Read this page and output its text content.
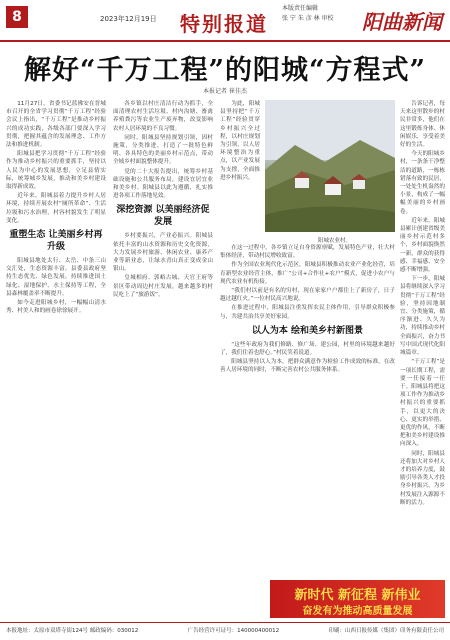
8	2023年12月19日 特别报道
本版责任编辑
张 宁 朱 彦 林 审校 阳曲新闻
解好“千万工程”的阳城“方程式”
本报记者 崔佳杰

11月27日，省委书记蓝佛安在晋城市召开的全省学习贯彻“千万工程”经验会议上指出，“千万工程”是推动乡村振兴的成功实践，各级各部门要深入学习贯彻，把握其蕴含的发展理念、工作方法和推进机制。

阳城县把学习贯彻“千万工程”经验作为推动乡村振兴的重要抓手，坚持以人民为中心的发展思想，立足县情实际，统筹城乡发展，推动和美乡村建设取得新成效。

近年来，阳城县着力提升乡村人居环境，持续开展农村“厕所革命”、生活垃圾和污水治理，村容村貌发生了明显变化。

重塑生态 让美丽乡村再升级

阳城县地处太行、太岳、中条三山交汇处，生态资源丰富。县委县政府坚持生态优先、绿色发展，持续推进国土绿化、湿地保护、水土保持等工程，全县森林覆盖率不断提升。

如今走进阳城乡村，一幅幅山清水秀、村美人和的画卷徐徐展开。

各乡镇以村庄清洁行动为抓手，全面清理农村生活垃圾、村内沟塘、畜禽养殖粪污等农业生产废弃物，改变影响农村人居环境的不良习惯。

同时，阳城县坚持规划引领，因村施策，分类推进，打造了一批特色鲜明、各具特色的美丽乡村示范点，带动全域乡村面貌整体提升。

党的二十大报告提出，统筹乡村基础设施和公共服务布局，建设宜居宜业和美乡村。阳城县以此为遵循，扎实推进各项工作落地见效。

深挖资源 以美丽经济促发展

乡村要振兴，产业必振兴。阳城县依托丰富的山水资源和历史文化资源，大力发展乡村旅游、休闲农业、康养产业等新业态，让绿水青山真正变成金山银山。

皇城相府、郭峪古城、天官王府等景区带动周边村庄发展，越来越多的村民吃上了“旅游饭”。

为此，阳城县坚持把“千万工程”经验贯穿乡村振兴全过程，以村庄规划为引领，以人居环境整治为重点，以产业发展为支撑，全面推进乡村振兴。

阳城农业村。

在这一过程中，各乡镇立足自身资源禀赋，发展特色产业，壮大村集体经济，带动村民增收致富。

作为全国农业现代化示范区，阳城县积极推动农业产业化经营，培育新型农业经营主体，推广“公司+合作社+农户”模式，促进小农户与现代农业有机衔接。

“我们村以前是有名的穷村，现在家家户户都住上了新房子，日子越过越红火。”一位村民高兴地说。

在推进过程中，阳城县注重发挥农民主体作用，引导群众积极参与，共建共治共享美好家园。

以人为本 绘和美乡村新图景

“这些年政府为我们修路、修广场、建公园，村里的环境越来越好了，我们住着也舒心。”村民笑着说道。

阳城县坚持以人为本，把群众满意作为检验工作成效的标准，在改善人居环境的同时，不断完善农村公共服务体系。

告诉记者，每天来这里散步的村民非常多，他们在这里锻炼身体、休闲娱乐，享受着美好的生活。

今天的阳城乡村，一条条干净整洁的道路，一栋栋错落有致的民居，一处处生机盎然的小景，构成了一幅幅美丽的乡村画卷。

近年来，阳城县累计创建省级美丽乡村示范村多个，乡村面貌焕然一新，群众的获得感、幸福感、安全感不断增强。

下一步，阳城县将继续深入学习贯彻“千万工程”经验，坚持因地制宜、分类施策，循序渐进、久久为功，持续推动乡村全面振兴，奋力书写中国式现代化阳城篇章。

“千万工程”是一项长期工程，需要一任接着一任干。阳城县将把这项工作作为推动乡村振兴的重要抓手，以更大的决心、更实的举措、更优的作风，不断把和美乡村建设推向深入。

同时，阳城县还将加大对乡村人才的培养力度，鼓励引导各类人才投身乡村振兴，为乡村发展注入源源不断的活力。

新时代 新征程 新伟业
奋发有为推动高质量发展
本报地址：太原市双塔寺街124号 邮政编码：030012	广告经营许可证号：140000400012	印刷：山西日报传媒（集团）印务有限责任公司
